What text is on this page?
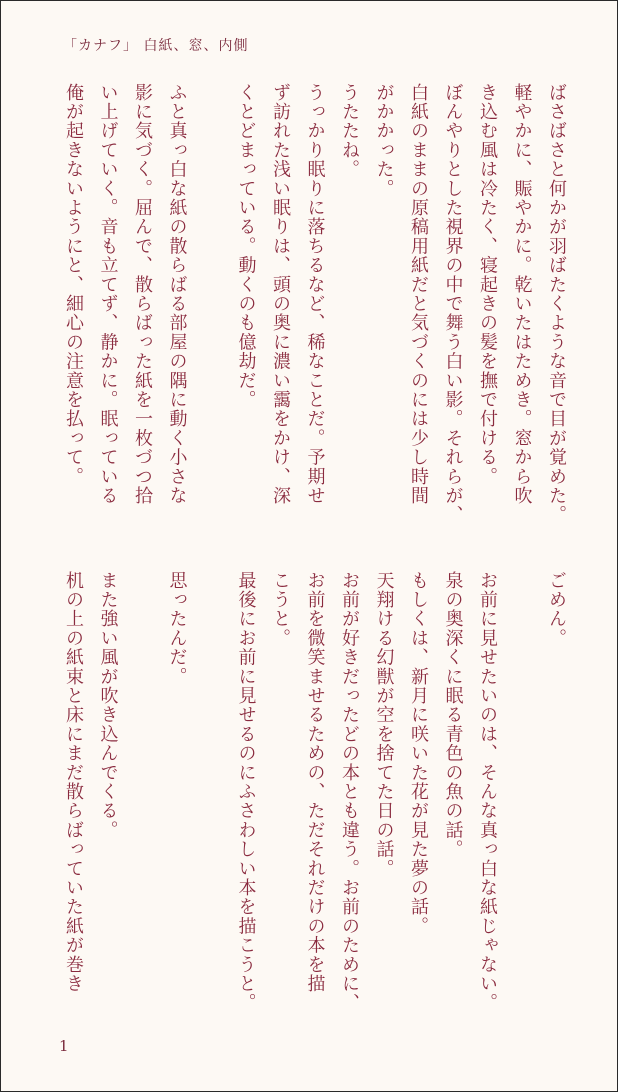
「カナフ」 白紙、窓、内側
ばさばさと何かが羽ばたくような音で目が覚めた。
軽やかに、賑やかに。乾いたはためき。窓から吹
き込む風は冷たく、寝起きの髪を撫で付ける。
ぼんやりとした視界の中で舞う白い影。それらが、
白紙のままの原稿用紙だと気づくのには少し時間
がかかった。
うたたね。
うっかり眠りに落ちるなど、稀なことだ。予期せ
ず訪れた浅い眠りは、頭の奥に濃い靄をかけ、深
くとどまっている。動くのも億劫だ。

ふと真っ白な紙の散らばる部屋の隅に動く小さな
影に気づく。屈んで、散らばった紙を一枚づつ拾
い上げていく。音も立てず、静かに。眠っている
俺が起きないようにと、細心の注意を払って。
ごめん。

お前に見せたいのは、そんな真っ白な紙じゃない。
泉の奥深くに眠る青色の魚の話。
もしくは、新月に咲いた花が見た夢の話。
天翔ける幻獣が空を捨てた日の話。
お前が好きだったどの本とも違う。お前のために、
お前を微笑ませるための、ただそれだけの本を描
こうと。
最後にお前に見せるのにふさわしい本を描こうと。

思ったんだ。

また強い風が吹き込んでくる。
机の上の紙束と床にまだ散らばっていた紙が巻き
1
